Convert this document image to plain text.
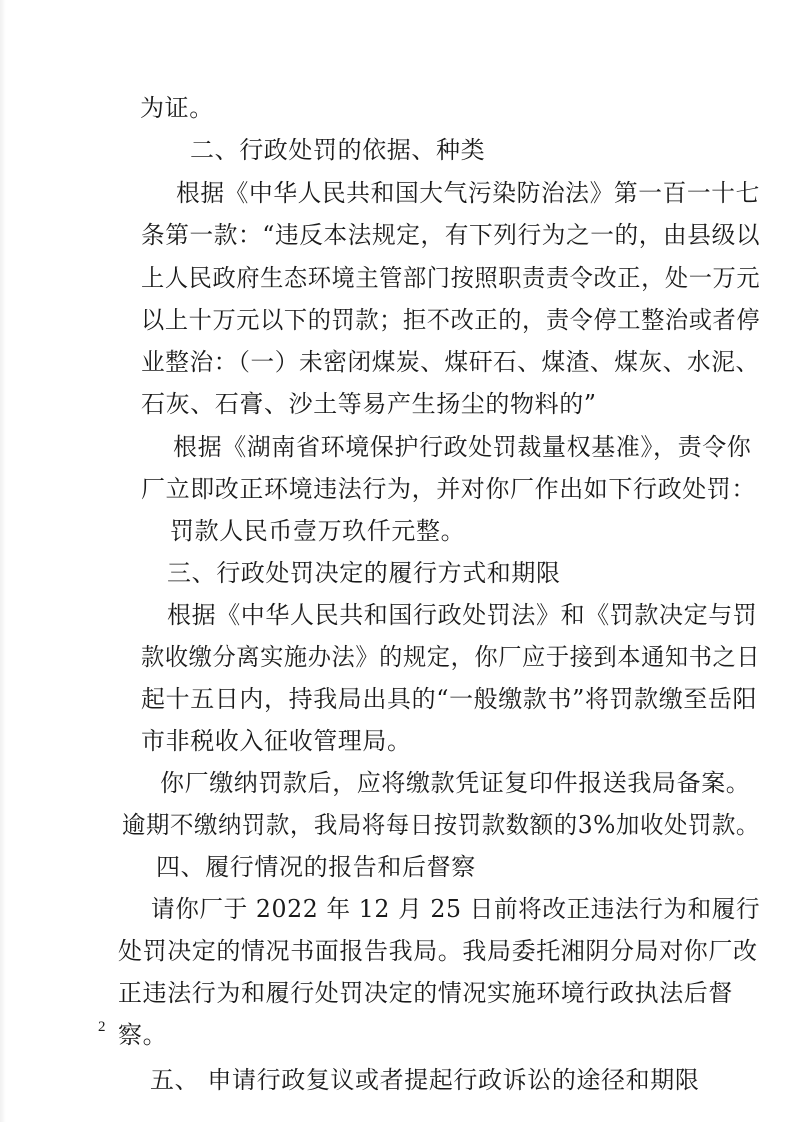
为证。
二、行政处罚的依据、种类
根据《中华人民共和国大气污染防治法》第一百一十七
条第一款：“违反本法规定，有下列行为之一的，由县级以
上人民政府生态环境主管部门按照职责责令改正，处一万元
以上十万元以下的罚款；拒不改正的，责令停工整治或者停
业整治：（一）未密闭煤炭、煤矸石、煤渣、煤灰、水泥、
石灰、石膏、沙土等易产生扬尘的物料的”
根据《湖南省环境保护行政处罚裁量权基准》，责令你
厂立即改正环境违法行为，并对你厂作出如下行政处罚：
罚款人民币壹万玖仟元整。
三、行政处罚决定的履行方式和期限
根据《中华人民共和国行政处罚法》和《罚款决定与罚
款收缴分离实施办法》的规定，你厂应于接到本通知书之日
起十五日内，持我局出具的“一般缴款书”将罚款缴至岳阳
市非税收入征收管理局。
你厂缴纳罚款后，应将缴款凭证复印件报送我局备案。
逾期不缴纳罚款，我局将每日按罚款数额的3%加收处罚款。
四、履行情况的报告和后督察
请你厂于 2022 年 12 月 25 日前将改正违法行为和履行
处罚决定的情况书面报告我局。我局委托湘阴分局对你厂改
正违法行为和履行处罚决定的情况实施环境行政执法后督
察。
五、 申请行政复议或者提起行政诉讼的途径和期限
2
